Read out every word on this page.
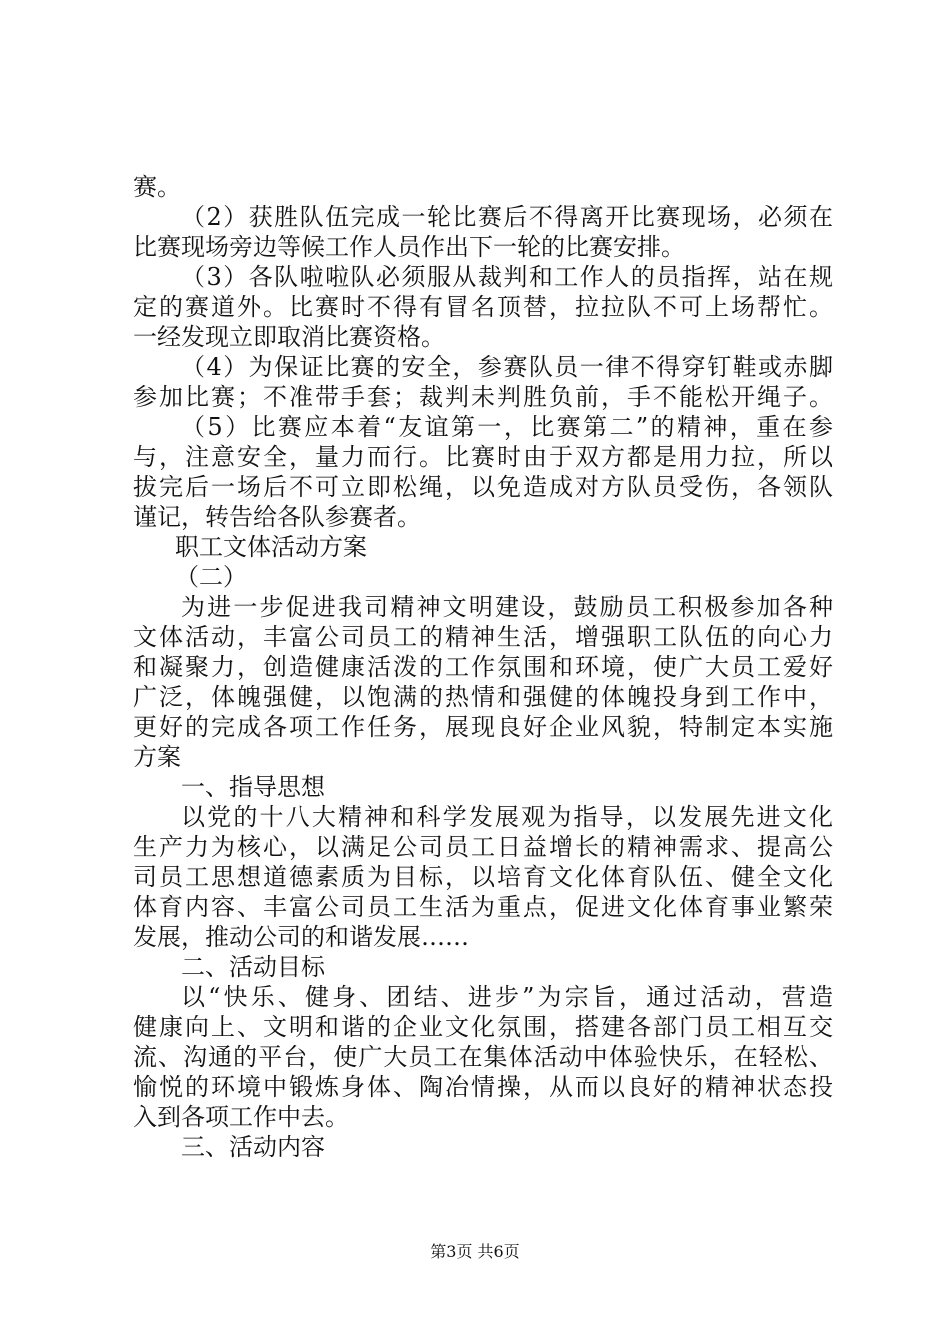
赛。
（2）获胜队伍完成一轮比赛后不得离开比赛现场，必须在
比赛现场旁边等候工作人员作出下一轮的比赛安排。
（3）各队啦啦队必须服从裁判和工作人的员指挥，站在规
定的赛道外。比赛时不得有冒名顶替，拉拉队不可上场帮忙。
一经发现立即取消比赛资格。
（4）为保证比赛的安全，参赛队员一律不得穿钉鞋或赤脚
参加比赛；不准带手套；裁判未判胜负前，手不能松开绳子。
（5）比赛应本着“友谊第一，比赛第二”的精神，重在参
与，注意安全，量力而行。比赛时由于双方都是用力拉，所以
拔完后一场后不可立即松绳，以免造成对方队员受伤，各领队
谨记，转告给各队参赛者。
职工文体活动方案
（二）
为进一步促进我司精神文明建设，鼓励员工积极参加各种
文体活动，丰富公司员工的精神生活，增强职工队伍的向心力
和凝聚力，创造健康活泼的工作氛围和环境，使广大员工爱好
广泛，体魄强健，以饱满的热情和强健的体魄投身到工作中，
更好的完成各项工作任务，展现良好企业风貌，特制定本实施
方案
一、指导思想
以党的十八大精神和科学发展观为指导，以发展先进文化
生产力为核心，以满足公司员工日益增长的精神需求、提高公
司员工思想道德素质为目标，以培育文化体育队伍、健全文化
体育内容、丰富公司员工生活为重点，促进文化体育事业繁荣
发展，推动公司的和谐发展……
二、活动目标
以“快乐、健身、团结、进步”为宗旨，通过活动，营造
健康向上、文明和谐的企业文化氛围，搭建各部门员工相互交
流、沟通的平台，使广大员工在集体活动中体验快乐，在轻松、
愉悦的环境中锻炼身体、陶冶情操，从而以良好的精神状态投
入到各项工作中去。
三、活动内容
第3页 共6页
